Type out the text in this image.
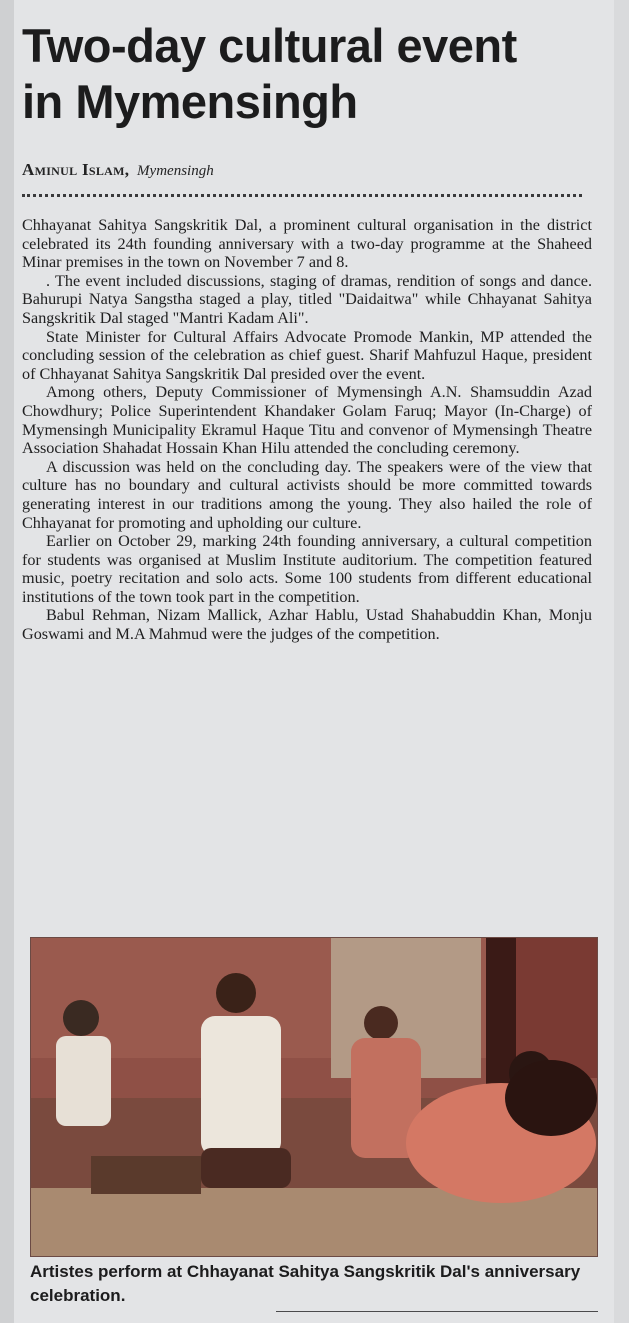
Two-day cultural event
in Mymensingh
Aminul Islam, Mymensingh

Chhayanat Sahitya Sangskritik Dal, a prominent cultural organisation in the district celebrated its 24th founding anniversary with a two-day programme at the Shaheed Minar premises in the town on November 7 and 8.

. The event included discussions, staging of dramas, rendition of songs and dance. Bahurupi Natya Sangstha staged a play, titled "Daidaitwa" while Chhayanat Sahitya Sangskritik Dal staged "Mantri Kadam Ali".

State Minister for Cultural Affairs Advocate Promode Mankin, MP attended the concluding session of the celebration as chief guest. Sharif Mahfuzul Haque, president of Chhayanat Sahitya Sangskritik Dal presided over the event.

Among others, Deputy Commissioner of Mymensingh A.N. Shamsuddin Azad Chowdhury; Police Superintendent Khandaker Golam Faruq; Mayor (In-Charge) of Mymensingh Municipality Ekramul Haque Titu and convenor of Mymensingh Theatre Association Shahadat Hossain Khan Hilu attended the concluding ceremony.

A discussion was held on the concluding day. The speakers were of the view that culture has no boundary and cultural activists should be more committed towards generating interest in our traditions among the young. They also hailed the role of Chhayanat for promoting and upholding our culture.

Earlier on October 29, marking 24th founding anniversary, a cultural competition for students was organised at Muslim Institute auditorium. The competition featured music, poetry recitation and solo acts. Some 100 students from different educational institutions of the town took part in the competition.

Babul Rehman, Nizam Mallick, Azhar Hablu, Ustad Shahabuddin Khan, Monju Goswami and M.A Mahmud were the judges of the competition.

Artistes perform at Chhayanat Sahitya Sangskritik Dal's anniversary celebration.
